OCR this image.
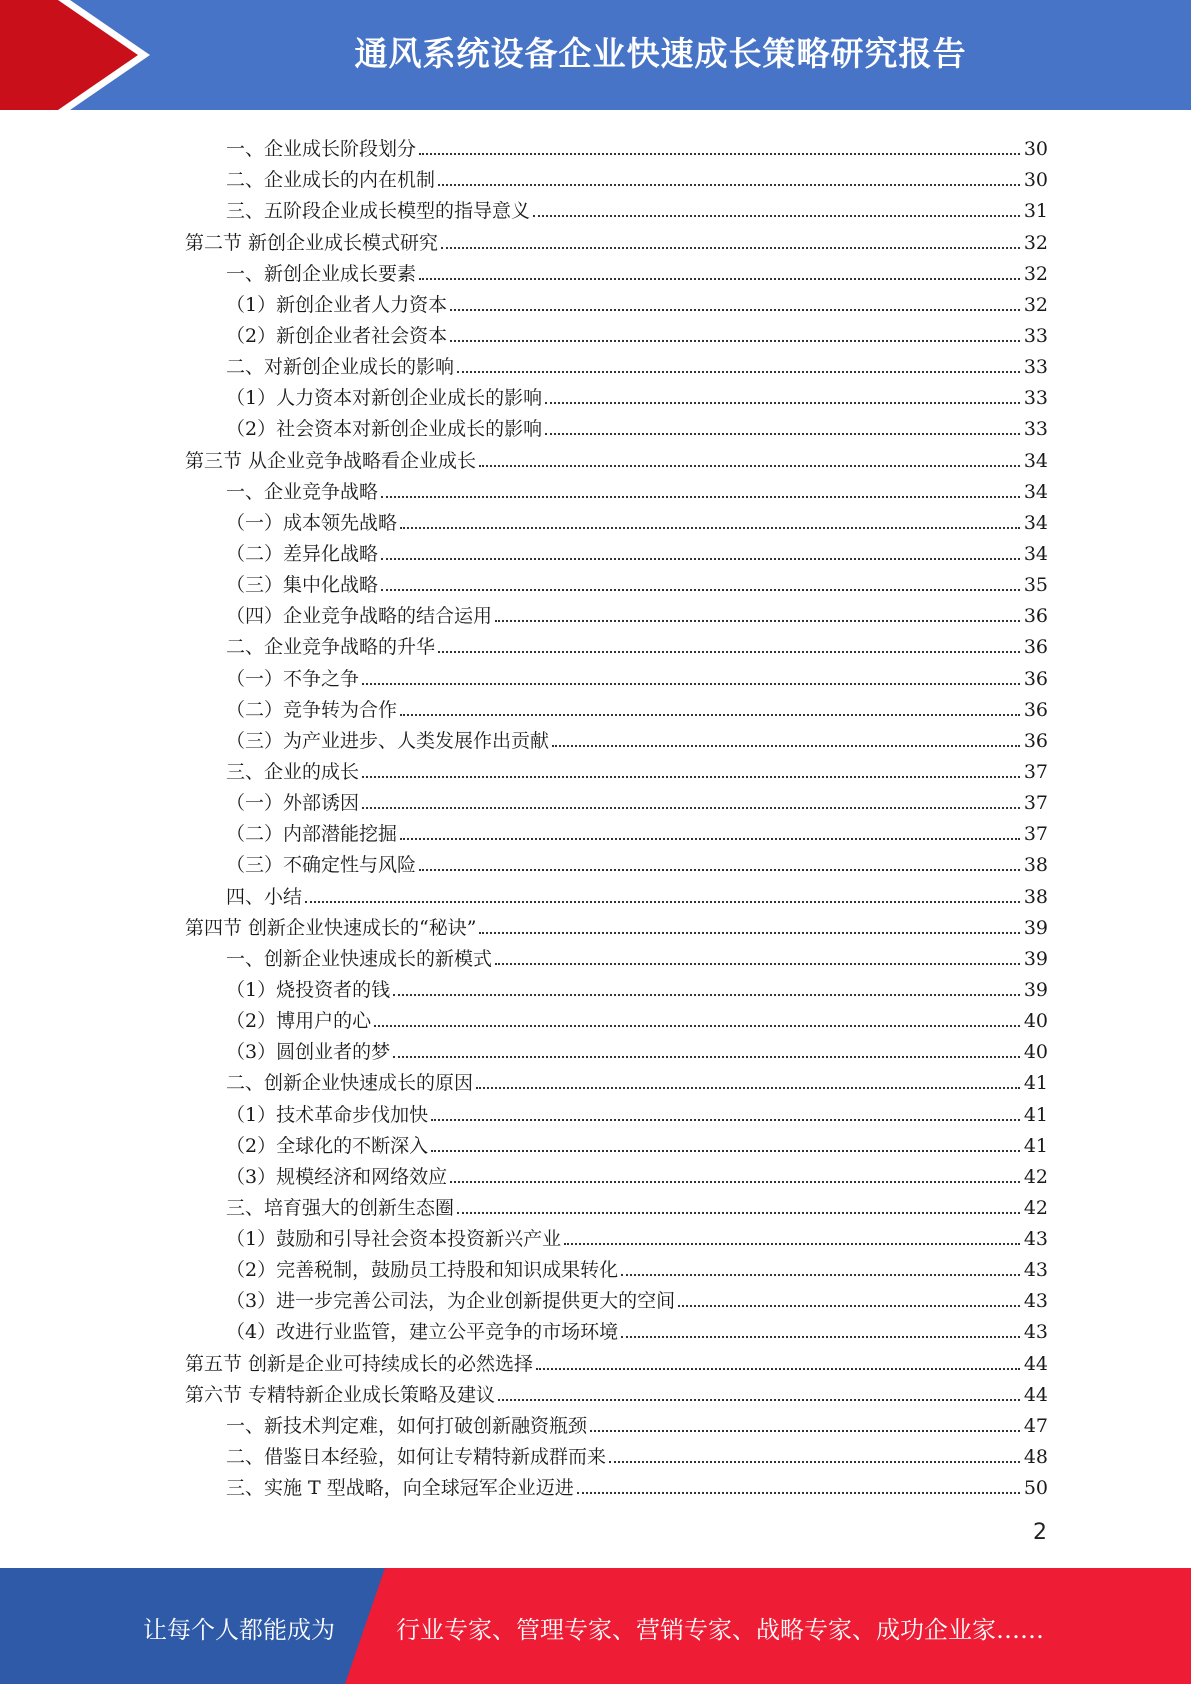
通风系统设备企业快速成长策略研究报告
一、企业成长阶段划分	30
二、企业成长的内在机制	30
三、五阶段企业成长模型的指导意义	31
第二节 新创企业成长模式研究	32
一、新创企业成长要素	32
（1）新创企业者人力资本	32
（2）新创企业者社会资本	33
二、对新创企业成长的影响	33
（1）人力资本对新创企业成长的影响	33
（2）社会资本对新创企业成长的影响	33
第三节 从企业竞争战略看企业成长	34
一、企业竞争战略	34
（一）成本领先战略	34
（二）差异化战略	34
（三）集中化战略	35
（四）企业竞争战略的结合运用	36
二、企业竞争战略的升华	36
（一）不争之争	36
（二）竞争转为合作	36
（三）为产业进步、人类发展作出贡献	36
三、企业的成长	37
（一）外部诱因	37
（二）内部潜能挖掘	37
（三）不确定性与风险	38
四、小结	38
第四节 创新企业快速成长的“秘诀”	39
一、创新企业快速成长的新模式	39
（1）烧投资者的钱	39
（2）博用户的心	40
（3）圆创业者的梦	40
二、创新企业快速成长的原因	41
（1）技术革命步伐加快	41
（2）全球化的不断深入	41
（3）规模经济和网络效应	42
三、培育强大的创新生态圈	42
（1）鼓励和引导社会资本投资新兴产业	43
（2）完善税制，鼓励员工持股和知识成果转化	43
（3）进一步完善公司法，为企业创新提供更大的空间	43
（4）改进行业监管，建立公平竞争的市场环境	43
第五节 创新是企业可持续成长的必然选择	44
第六节 专精特新企业成长策略及建议	44
一、新技术判定难，如何打破创新融资瓶颈	47
二、借鉴日本经验，如何让专精特新成群而来	48
三、实施 T 型战略，向全球冠军企业迈进	50
2
让每个人都能成为	行业专家、管理专家、营销专家、战略专家、成功企业家……
